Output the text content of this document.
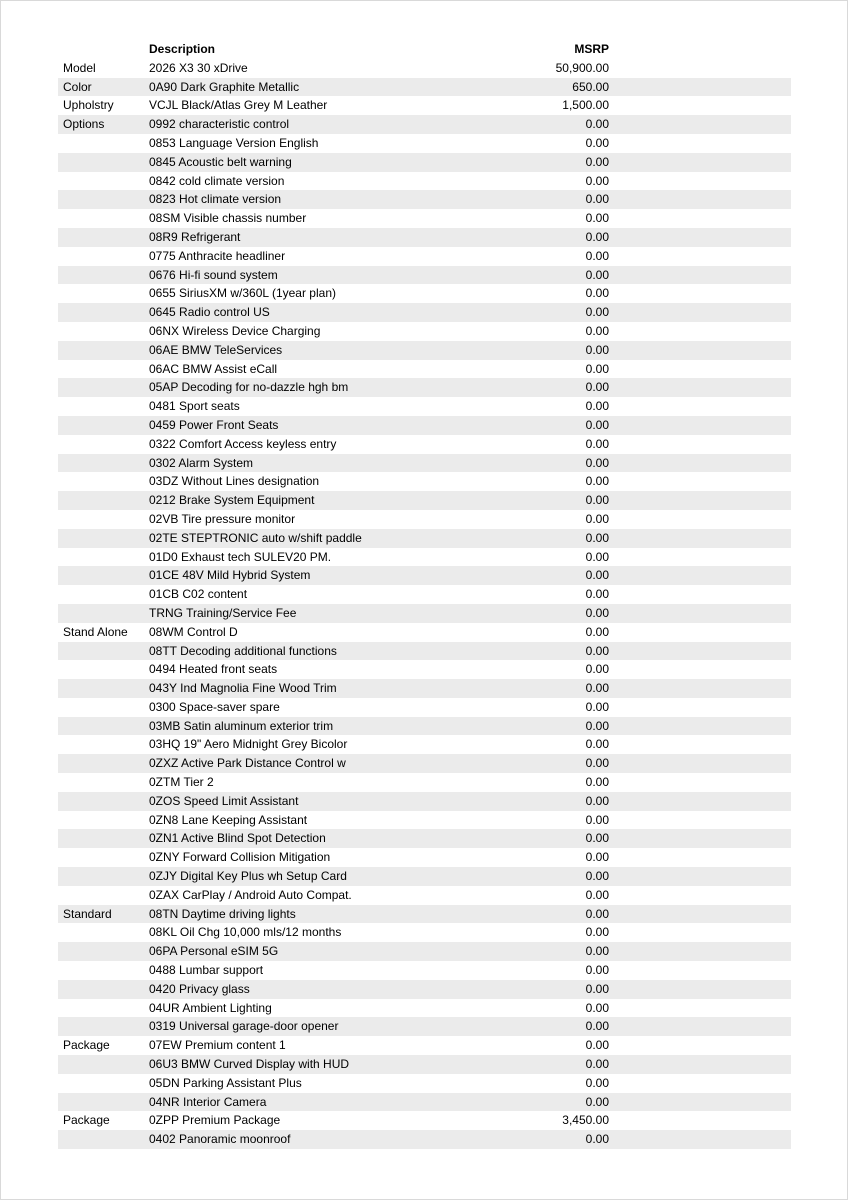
	Description	MSRP	
Model	2026 X3 30 xDrive	50,900.00	
Color	0A90 Dark Graphite Metallic	650.00	
Upholstry	VCJL Black/Atlas Grey M Leather	1,500.00	
Options	0992 characteristic control	0.00	
	0853 Language Version English	0.00	
	0845 Acoustic belt warning	0.00	
	0842 cold climate version	0.00	
	0823 Hot climate version	0.00	
	08SM Visible chassis number	0.00	
	08R9 Refrigerant	0.00	
	0775 Anthracite headliner	0.00	
	0676 Hi-fi sound system	0.00	
	0655 SiriusXM w/360L (1year plan)	0.00	
	0645 Radio control US	0.00	
	06NX Wireless Device Charging	0.00	
	06AE BMW TeleServices	0.00	
	06AC BMW Assist eCall	0.00	
	05AP Decoding for no-dazzle hgh bm	0.00	
	0481 Sport seats	0.00	
	0459 Power Front Seats	0.00	
	0322 Comfort Access keyless entry	0.00	
	0302 Alarm System	0.00	
	03DZ Without Lines designation	0.00	
	0212 Brake System Equipment	0.00	
	02VB Tire pressure monitor	0.00	
	02TE STEPTRONIC auto w/shift paddle	0.00	
	01D0 Exhaust tech SULEV20 PM.	0.00	
	01CE 48V Mild Hybrid System	0.00	
	01CB C02 content	0.00	
	TRNG Training/Service Fee	0.00	
Stand Alone	08WM Control D	0.00	
	08TT Decoding additional functions	0.00	
	0494 Heated front seats	0.00	
	043Y Ind Magnolia Fine Wood Trim	0.00	
	0300 Space-saver spare	0.00	
	03MB Satin aluminum exterior trim	0.00	
	03HQ 19" Aero Midnight Grey Bicolor	0.00	
	0ZXZ Active Park Distance Control w	0.00	
	0ZTM Tier 2	0.00	
	0ZOS Speed Limit Assistant	0.00	
	0ZN8 Lane Keeping Assistant	0.00	
	0ZN1 Active Blind Spot Detection	0.00	
	0ZNY Forward Collision Mitigation	0.00	
	0ZJY Digital Key Plus wh Setup Card	0.00	
	0ZAX CarPlay / Android Auto Compat.	0.00	
Standard	08TN Daytime driving lights	0.00	
	08KL Oil Chg 10,000 mls/12 months	0.00	
	06PA Personal eSIM 5G	0.00	
	0488 Lumbar support	0.00	
	0420 Privacy glass	0.00	
	04UR Ambient Lighting	0.00	
	0319 Universal garage-door opener	0.00	
Package	07EW Premium content 1	0.00	
	06U3 BMW Curved Display with HUD	0.00	
	05DN Parking Assistant Plus	0.00	
	04NR Interior Camera	0.00	
Package	0ZPP Premium Package	3,450.00	
	0402 Panoramic moonroof	0.00	
